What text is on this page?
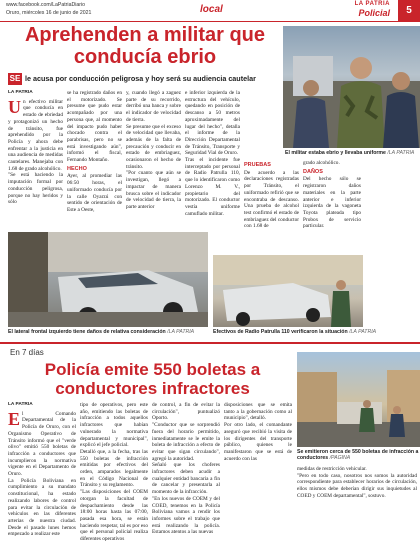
www.facebook.com/LaPatriaDiario
Oruro, miércoles 16 de junio de 2021	local	LA PATRIA
Policial	5
Aprehenden a militar que conducía ebrio
SE le acusa por conducción peligrosa y hoy será su audiencia cautelar
El militar estaba ebrio y llevaba uniforme /LA PATRIA
LA PATRIA
U n efectivo militar que conducía en estado de ebriedad y protagonizó un hecho de tránsito, fue aprehendido por la Policía y ahora debe enfrentar a la justicia en una audiencia de medidas cautelares. Manejaba con 1.68 de grado alcohólico.

"Se está haciendo la imputación formal por conducción peligrosa, porque no hay heridos y sólo

se ha registrado daños en el motorizado. Se presume que pudo estar acompañado por una persona que, al momento del impacto pudo haber chocado contra el parabrisas, pero no se está investigando aún", informó el fiscal, Fernando Montaño.

HECHO

Ayer, al promediar las 06:50 horas, el uniformado conducía por la calle Oyarzú con sentido de orientación de Este a Oeste,

y, cuando llegó a zaguez parte de su recorrido, derribó una banca y sobre el indicador de velocidad de tierra.

Se presume que el exceso de velocidad que llevaba, además de la falta de precaución y conducir en estado de embriaguez, ocasionaron el hecho de tránsito.

"Por cuanto que aún se investigan, llegó a impactar de manera brusca sobre el indicador de velocidad de tierra, la parte anterior

e inferior izquierda de la estructura del vehículo, quedando en posición de descanso a 50 metros aproximadamente del lugar del hecho", detalla el informe de la Dirección Departamental de Tránsito, Transporte y Seguridad Vial de Oruro.

Tras el incidente fue interceptado por personal de Radio Patrulla 110, que lo identificaron como Lorenzo M. V., propietario del motorizado. El conductor vestía uniforme camuflado militar.

PRUEBAS

De acuerdo a las declaraciones registradas por Tránsito, el uniformado refirió que se encontraba de descanso. Una prueba de alcohol test confirmó el estado de embriaguez del conductor con 1.68 de

grado alcohólico.

DAÑOS

Del hecho sólo se registraron daños materiales en la parte anterior e inferior izquierda de la vagoneta Toyota plateada tipo Probox de servicio particular.

El lateral frontal izquierdo tiene daños de relativa consideración /LA PATRIA	Efectivos de Radio Patrulla 110 verificaron la situación /LA PATRIA
En 7 días
Policía emite 550 boletas a conductores infractores
Se emitieron cerca de 550 boletas de infracción a conductores /PAGINA
LA PATRIA
E l Comando Departamental de la Policía de Oruro, con el Organismo Operativo de Tránsito informó que el "verde olivo" emitió 550 boletas de infracción a conductores que incumplieron la normativa vigente en el Departamento de Oruro.

La Policía Boliviana en cumplimiento a su mandato constitucional, ha estado realizando labores de control para evitar la circulación de vehículos en las diferentes arterias de nuestra ciudad. Desde el pasado lunes hemos empezado a realizar este

tipo de operativos, pero este año, emitiendo las boletas de infracción a todos aquellos infractores que habían vulnerado la normativa departamental y municipal", explicó el jefe policial.

Detalló que, a la fecha, tras las 550 boletas de infracción emitidas por efectivos del orden, amparados legalmente en el Código Nacional de Tránsito y su reglamento.

"Las disposiciones del COEM otorgan la facultad de despachamiento desde las 18:00 horas hasta las 07:00, pasada esa hora, se están haciendo respetar, tal es por eso que el personal policial realiza diferentes operativos

de control, a fin de evitar la circulación", puntualizó Oporto.

"Conductor que se sorprendió fuera del horario permitido, inmediatamente se le emite la boleta de infracción a efecto de evitar que sigan circulando", agregó la autoridad.

Señaló que los choferes infractores deben acudir a cualquier entidad bancaria a fin de cancelar y presentarla al momento de la infracción.

"En los nuevos de COEM y del COED, tenemos en la Policía Boliviana vamos a rendir los informes sobre el trabajo que está realizando la policía. Estamos atentos a las nuevas

disposiciones que se emita tanto a la gobernación como al municipio", detalló.

Por otro lado, el comandante aseguró que recibió la visita de los dirigentes del transporte público, quienes le manifestaron que se está de acuerdo con las

medidas de restricción vehicular.

"Pero en todo caso, nosotros nos somos la autoridad correspondiente para establecer horarios de circulación, ellos mismos debe deberían dirigir sus inquietudes al COED y COEM departamental", sostuvo.
